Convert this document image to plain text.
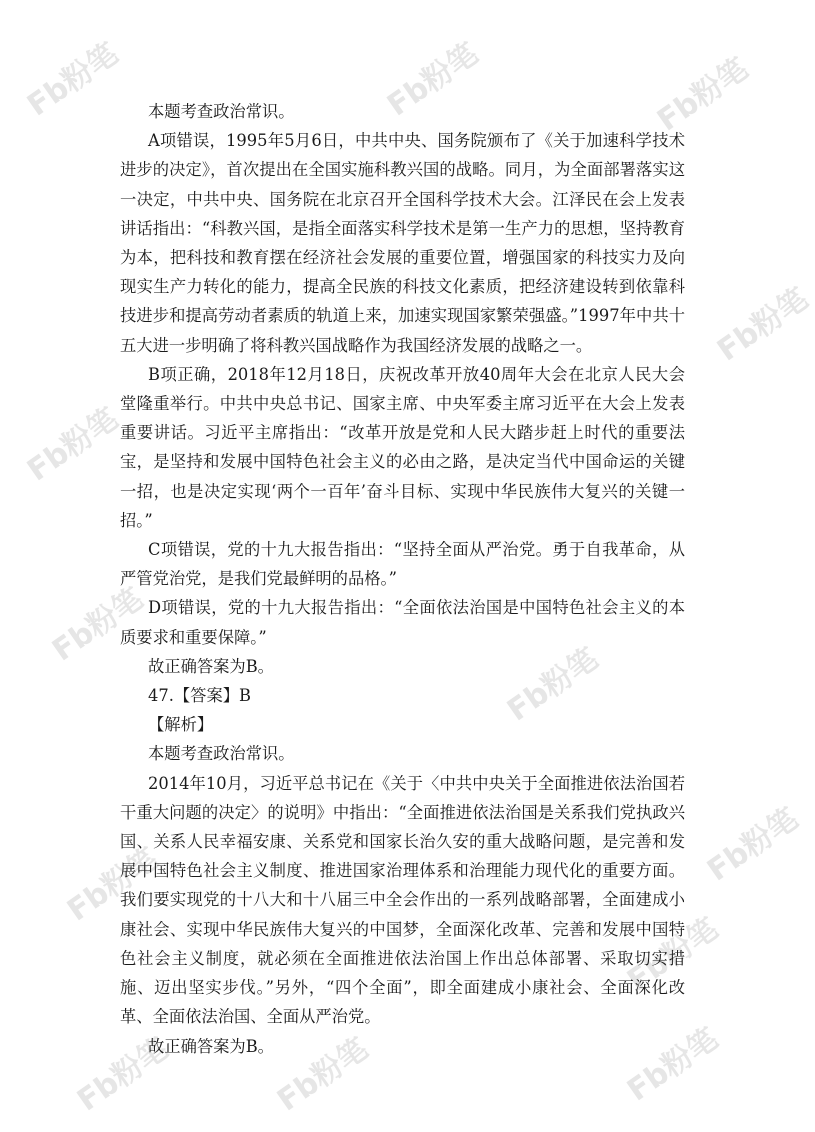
Fb粉笔	Fb粉笔	Fb粉笔
Fb粉笔
Fb粉笔
Fb粉笔
Fb粉笔
Fb粉笔
Fb粉笔
Fb粉笔
Fb粉笔	Fb粉笔	Fb粉笔

本题考查政治常识。

A项错误，1995年5月6日，中共中央、国务院颁布了《关于加速科学技术进步的决定》，首次提出在全国实施科教兴国的战略。同月，为全面部署落实这一决定，中共中央、国务院在北京召开全国科学技术大会。江泽民在会上发表讲话指出：“科教兴国，是指全面落实科学技术是第一生产力的思想，坚持教育为本，把科技和教育摆在经济社会发展的重要位置，增强国家的科技实力及向现实生产力转化的能力，提高全民族的科技文化素质，把经济建设转到依靠科技进步和提高劳动者素质的轨道上来，加速实现国家繁荣强盛。”1997年中共十五大进一步明确了将科教兴国战略作为我国经济发展的战略之一。

B项正确，2018年12月18日，庆祝改革开放40周年大会在北京人民大会堂隆重举行。中共中央总书记、国家主席、中央军委主席习近平在大会上发表重要讲话。习近平主席指出：“改革开放是党和人民大踏步赶上时代的重要法宝，是坚持和发展中国特色社会主义的必由之路，是决定当代中国命运的关键一招，也是决定实现‘两个一百年’奋斗目标、实现中华民族伟大复兴的关键一招。”

C项错误，党的十九大报告指出：“坚持全面从严治党。勇于自我革命，从严管党治党，是我们党最鲜明的品格。”

D项错误，党的十九大报告指出：“全面依法治国是中国特色社会主义的本质要求和重要保障。”

故正确答案为B。

47.【答案】B

【解析】

本题考查政治常识。

2014年10月，习近平总书记在《关于〈中共中央关于全面推进依法治国若干重大问题的决定〉的说明》中指出：“全面推进依法治国是关系我们党执政兴国、关系人民幸福安康、关系党和国家长治久安的重大战略问题，是完善和发展中国特色社会主义制度、推进国家治理体系和治理能力现代化的重要方面。我们要实现党的十八大和十八届三中全会作出的一系列战略部署，全面建成小康社会、实现中华民族伟大复兴的中国梦，全面深化改革、完善和发展中国特色社会主义制度，就必须在全面推进依法治国上作出总体部署、采取切实措施、迈出坚实步伐。”另外，“四个全面”，即全面建成小康社会、全面深化改革、全面依法治国、全面从严治党。

故正确答案为B。
